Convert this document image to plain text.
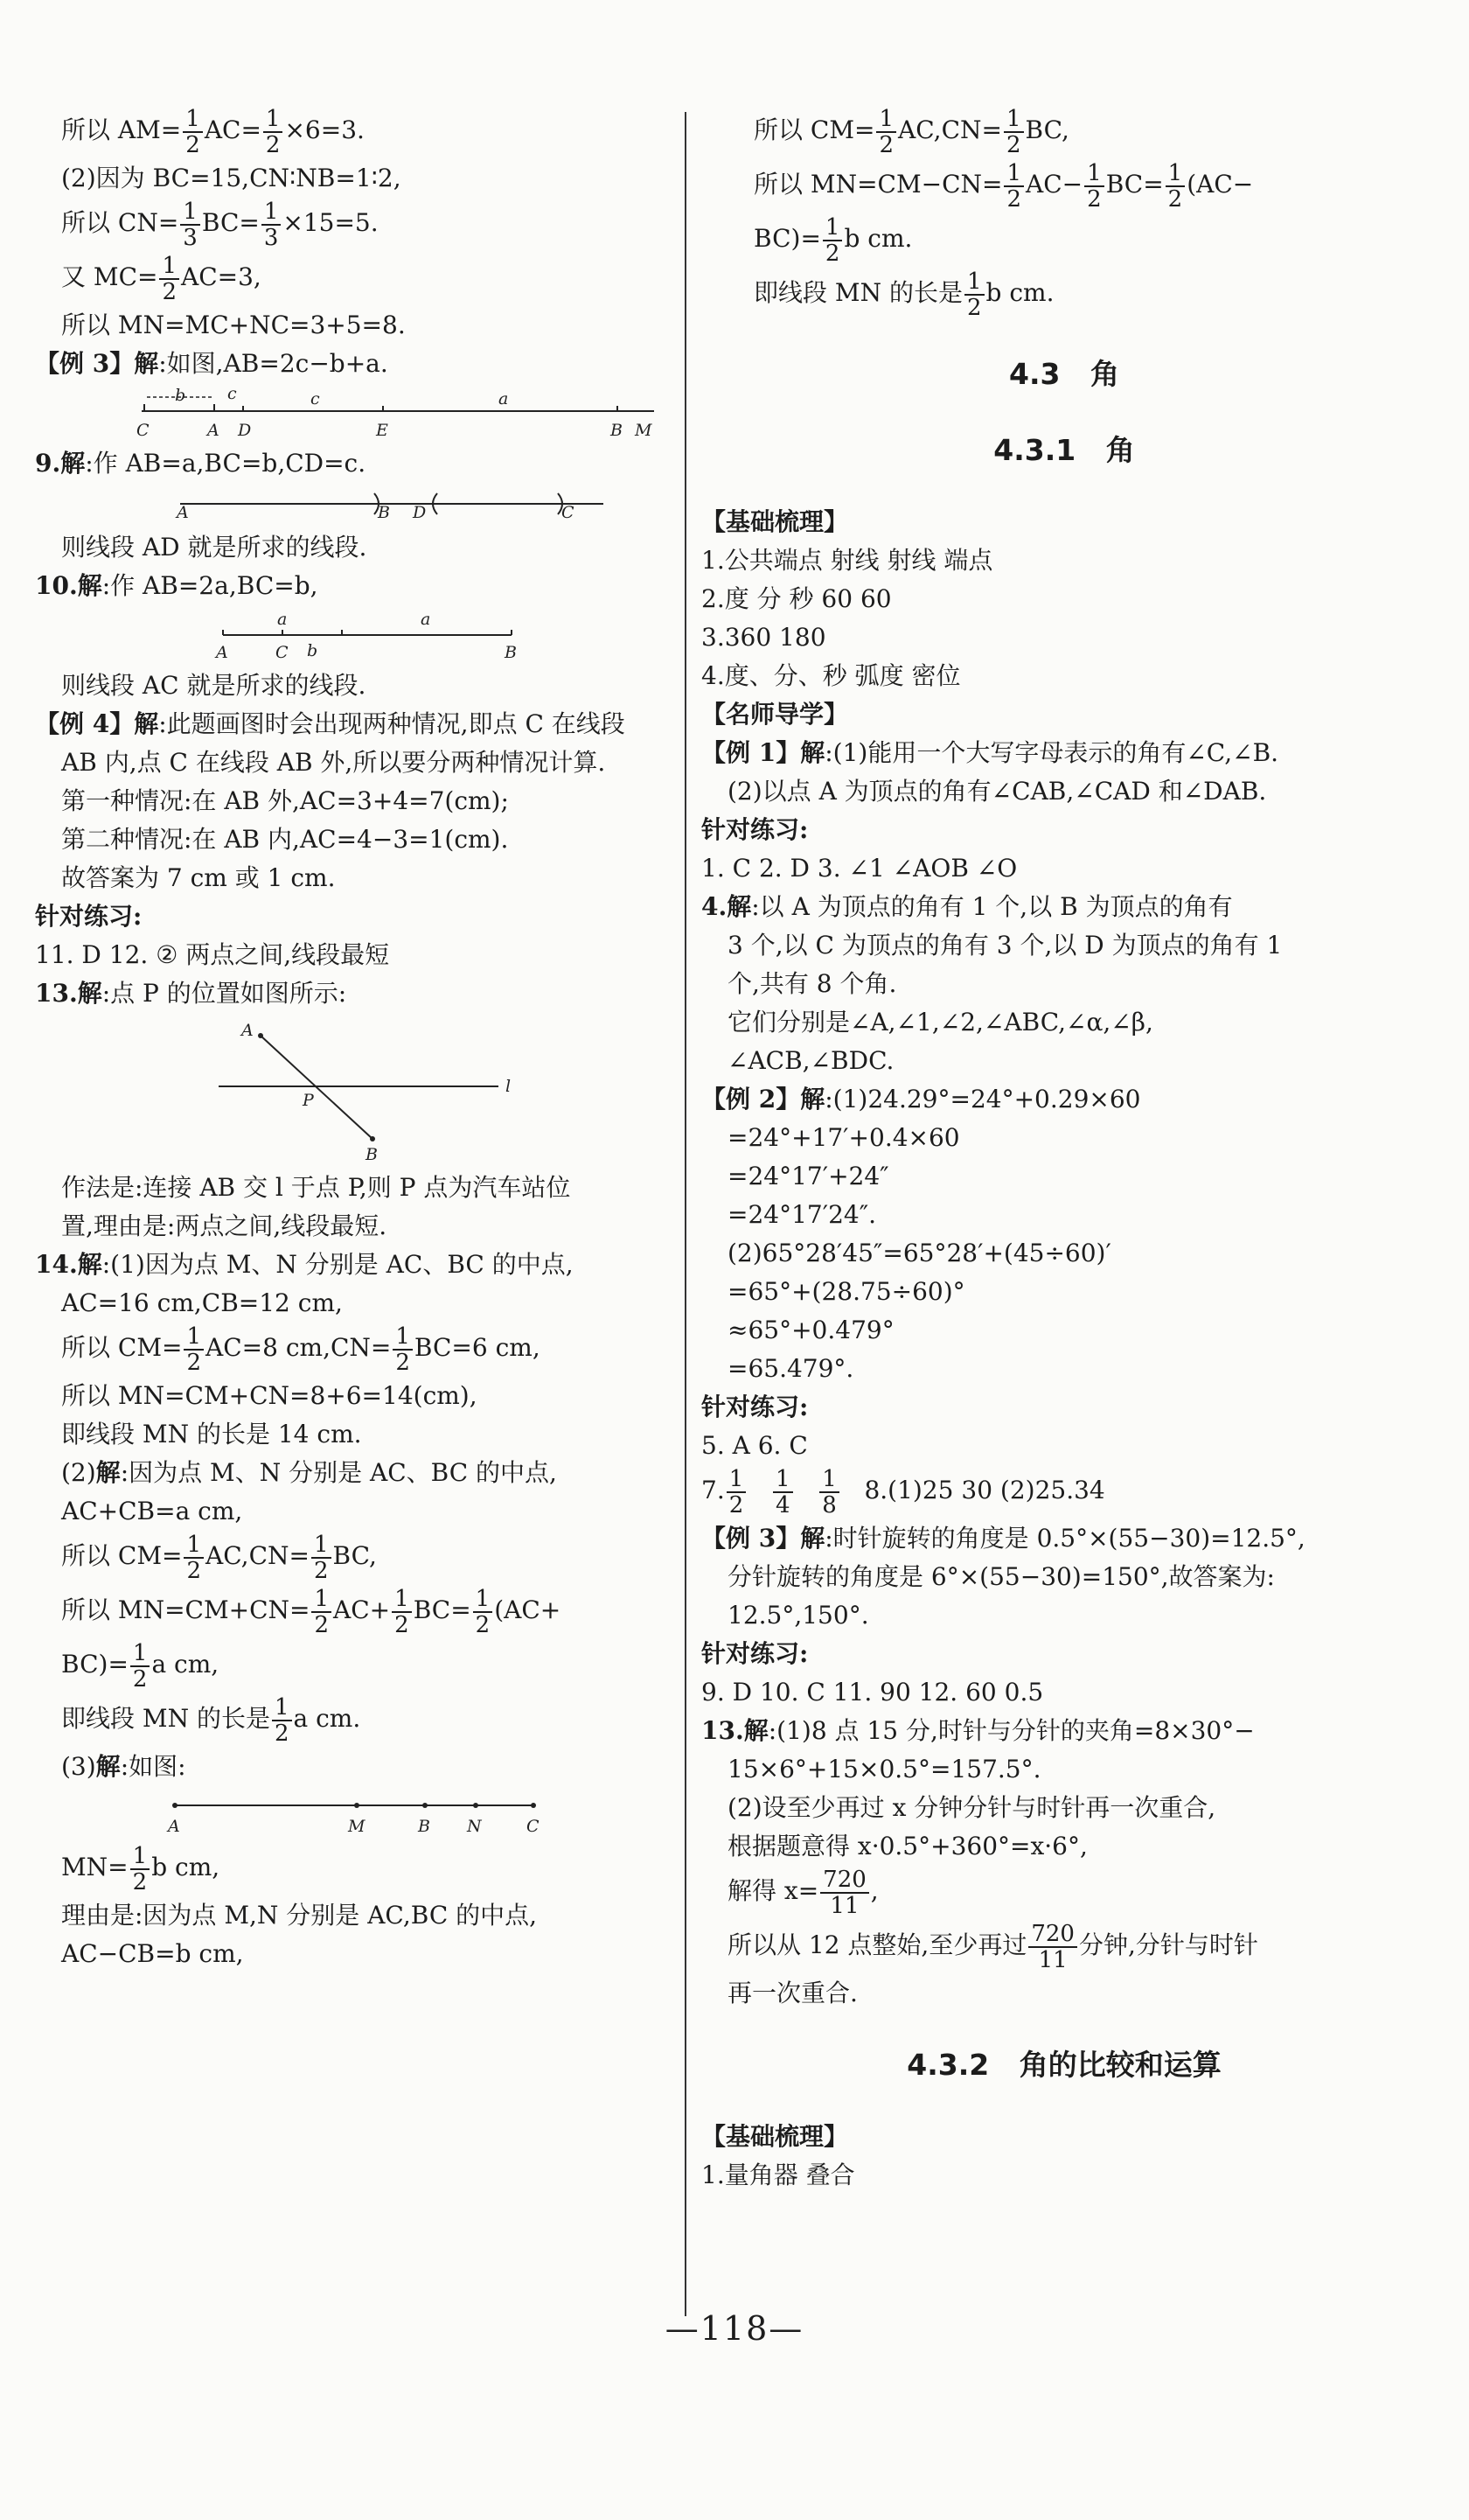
所以 $AM= \frac{1}{2} AC= \frac{1}{2} \times 6=3$.

(2)因为 BC=15,CN∶NB=1∶2,

所以 $CN= \frac{1}{3} BC= \frac{1}{3} \times 15=5$.

又 $MC= \frac{1}{2} AC=3$,

所以 MN=MC+NC=3+5=8.

【例 3】解:如图,AB=2c−b+a.

b	c	c	a
C	A D	E	B M

9.解:作 AB=a,BC=b,CD=c.

A	B D	C

则线段 AD 就是所求的线段.

10.解:作 AB=2a,BC=b,

a
b
a
A	C	B

则线段 AC 就是所求的线段.

【例 4】解:此题画图时会出现两种情况,即点 C 在线段

AB 内,点 C 在线段 AB 外,所以要分两种情况计算.

第一种情况:在 AB 外,AC=3+4=7(cm);

第二种情况:在 AB 内,AC=4−3=1(cm).

故答案为 7 cm 或 1 cm.

针对练习:

11. D 12. ② 两点之间,线段最短

13.解:点 P 的位置如图所示:

A
P
B
l

作法是:连接 AB 交 l 于点 P,则 P 点为汽车站位

置,理由是:两点之间,线段最短.

14.解:(1)因为点 M、N 分别是 AC、BC 的中点,

AC=16 cm,CB=12 cm,

所以 $CM= \frac{1}{2} AC=8$ $cm,CN= \frac{1}{2} BC=6$ cm,

所以 MN=CM+CN=8+6=14(cm),

即线段 MN 的长是 14 cm.

(2)解:因为点 M、N 分别是 AC、BC 的中点,

AC+CB=a cm,

所以 $CM= \frac{1}{2} AC,CN= \frac{1}{2}$ BC,

所以 $MN=CM+CN= \frac{1}{2} AC+ \frac{1}{2} BC= \frac{1}{2} (AC+$

$BC)= \frac{1}{2}$ a cm,

即线段 MN 的长是 $\frac{1}{2}$ a cm.

(3)解:如图:

A	M	B N	C

$MN= \frac{1}{2}$ b cm,

理由是:因为点 M,N 分别是 AC,BC 的中点,

AC−CB=b cm,

所以 $CM= \frac{1}{2} AC,CN= \frac{1}{2}$ BC,

所以 $MN=CM-CN= \frac{1}{2} AC- \frac{1}{2} BC= \frac{1}{2} (AC-$

$BC)= \frac{1}{2}$ b cm.

即线段 MN 的长是 $\frac{1}{2}$ b cm.

4.3 角

4.3.1 角

【基础梳理】

1.公共端点 射线 射线 端点

2.度 分 秒 60 60

3.360 180

4.度、分、秒 弧度 密位

【名师导学】

【例 1】解:(1)能用一个大写字母表示的角有∠C,∠B.

(2)以点 A 为顶点的角有∠CAB,∠CAD 和∠DAB.

针对练习:

1. C 2. D 3. ∠1 ∠AOB ∠O

4.解:以 A 为顶点的角有 1 个,以 B 为顶点的角有

3 个,以 C 为顶点的角有 3 个,以 D 为顶点的角有 1

个,共有 8 个角.

它们分别是∠A,∠1,∠2,∠ABC,∠α,∠β,

∠ACB,∠BDC.

【例 2】解:(1)24.29°=24°+0.29×60

=24°+17′+0.4×60

=24°17′+24″

=24°17′24″.

(2)65°28′45″=65°28′+(45÷60)′

=65°+(28.75÷60)°

≈65°+0.479°

=65.479°.

针对练习:

5. A 6. C

7. $\frac{1}{2}$
$\frac{1}{4}$
$\frac{1}{8} 8.(1)25$ 30 (2)25.34

【例 3】解:时针旋转的角度是 0.5°×(55−30)=12.5°,

分针旋转的角度是 6°×(55−30)=150°,故答案为:

12.5°,150°.

针对练习:

9. D 10. C 11. 90 12. 60 0.5

13.解:(1)8 点 15 分,时针与分针的夹角=8×30°−

15×6°+15×0.5°=157.5°.

(2)设至少再过 x 分钟分针与时针再一次重合,

根据题意得 x·0.5°+360°=x·6°,

解得 $x= \frac{720}{11}$ ,

所以从 12 点整始,至少再过 $\frac{720}{11}$ 分钟,分针与时针

再一次重合.

4.3.2 角的比较和运算

【基础梳理】

1.量角器 叠合

—118—
